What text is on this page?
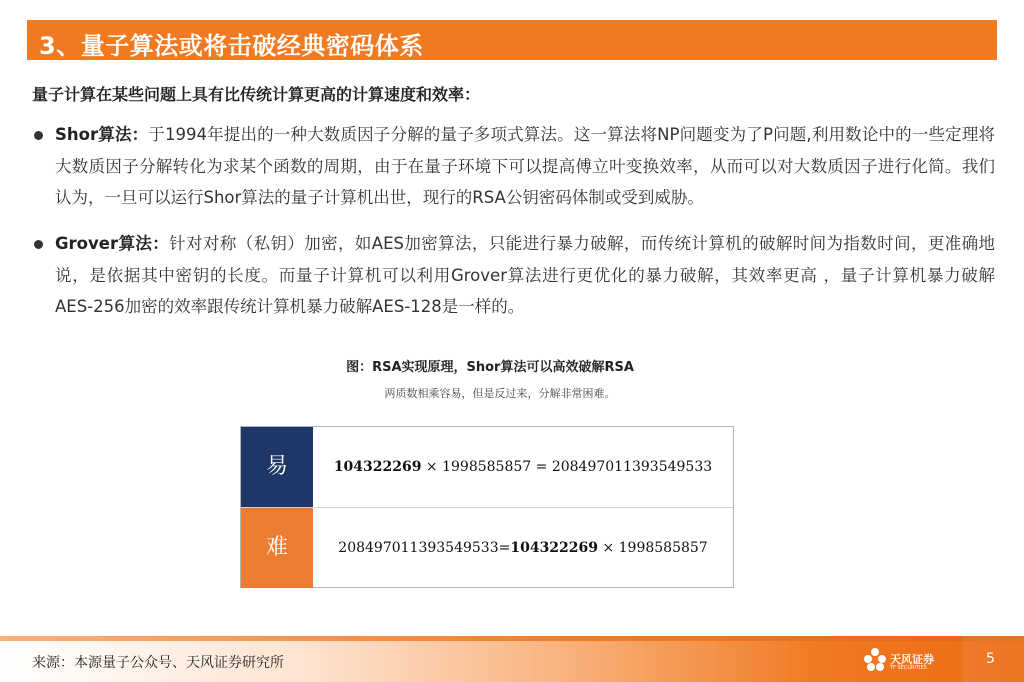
3、量子算法或将击破经典密码体系
量子计算在某些问题上具有比传统计算更高的计算速度和效率：
Shor算法：于1994年提出的一种大数质因子分解的量子多项式算法。这一算法将NP问题变为了P问题,利用数论中的一些定理将大数质因子分解转化为求某个函数的周期，由于在量子环境下可以提高傅立叶变换效率，从而可以对大数质因子进行化简。我们认为，一旦可以运行Shor算法的量子计算机出世，现行的RSA公钥密码体制或受到威胁。
Grover算法：针对对称（私钥）加密，如AES加密算法，只能进行暴力破解，而传统计算机的破解时间为指数时间，更准确地说，是依据其中密钥的长度。而量子计算机可以利用Grover算法进行更优化的暴力破解，其效率更高 ，量子计算机暴力破解AES-256加密的效率跟传统计算机暴力破解AES-128是一样的。
图：RSA实现原理，Shor算法可以高效破解RSA
两质数相乘容易，但是反过来，分解非常困难。
易	104322269 × 1998585857 = 208497011393549533
难	208497011393549533=104322269 × 1998585857
来源：本源量子公众号、天风证券研究所	天风证券
TF SECURITIES
5
